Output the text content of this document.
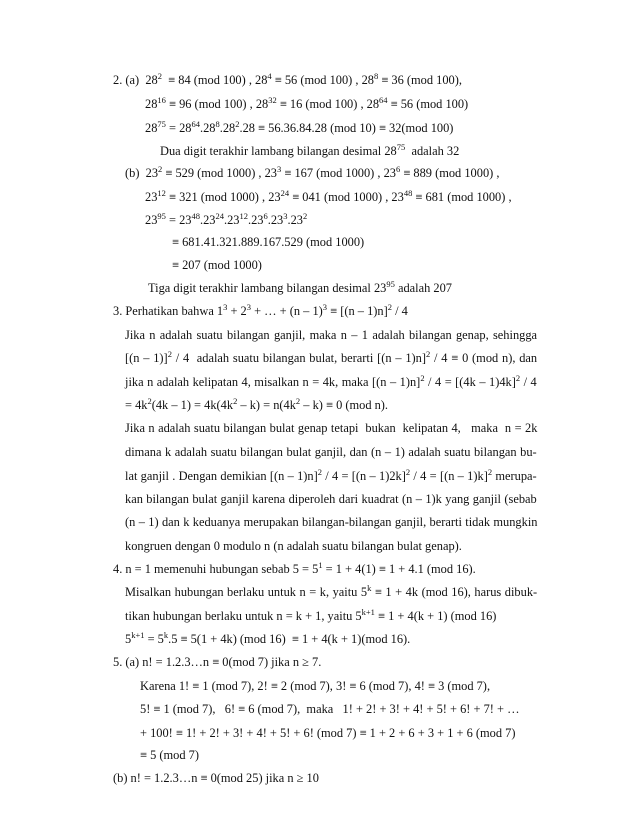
2. (a)  $28^2 \equiv 84$ (mod 100) , $28^4 \equiv 56$ (mod 100) , $28^8 \equiv 36$ (mod 100),
$28^{16} \equiv 96$ (mod 100) , $28^{32} \equiv 16$ (mod 100) , $28^{64} \equiv 56$ (mod 100)
$28^{75} = 28^{64}.28^8.28^2.28 \equiv 56.36.84.28$ (mod 10) ≡ 32(mod 100)
Dua digit terakhir lambang bilangan desimal $28^{75}$  adalah 32
(b)  $23^2 \equiv 529$ (mod 1000) , $23^3 \equiv 167$ (mod 1000) , $23^6 \equiv 889$ (mod 1000) ,
$23^{12} \equiv 321$ (mod 1000) , $23^{24} \equiv 041$ (mod 1000) , $23^{48} \equiv 681$ (mod 1000) ,
$23^{95} = 23^{48}.23^{24}.23^{12}.23^6.23^3.23^2$
≡ 681.41.321.889.167.529 (mod 1000)
≡ 207 (mod 1000)
Tiga digit terakhir lambang bilangan desimal $23^{95}$ adalah 207
3. Perhatikan bahwa $1^3 + 2^3$ + … + (n – 1)$^3$ ≡ [(n – 1)n]$^2$ / 4
Jika n adalah suatu bilangan ganjil, maka n – 1 adalah bilangan genap, sehingga
[(n – 1)]$^2$ / 4  adalah suatu bilangan bulat, berarti [(n – 1)n]$^2$ / 4 ≡ 0 (mod n), dan
jika n adalah kelipatan 4, misalkan n = 4k, maka [(n – 1)n]$^2$ / 4 = [(4k – 1)4k]$^2$ / 4
= $4k^2(4k - 1) = 4k(4k^2 - k) = n(4k^2 - k) \equiv 0$ (mod n).
Jika n adalah suatu bilangan bulat genap tetapi  bukan  kelipatan 4,   maka  n = 2k
dimana k adalah suatu bilangan bulat ganjil, dan (n – 1) adalah suatu bilangan bu-
lat ganjil . Dengan demikian [(n – 1)n]$^2$ / 4 = [(n – 1)2k]$^2$ / 4 = [(n – 1)k]$^2$ merupa-
kan bilangan bulat ganjil karena diperoleh dari kuadrat (n – 1)k yang ganjil (sebab
(n – 1) dan k keduanya merupakan bilangan-bilangan ganjil, berarti tidak mungkin
kongruen dengan 0 modulo n (n adalah suatu bilangan bulat genap).
4. n = 1 memenuhi hubungan sebab $5 = 5^1 = 1 + 4(1) \equiv 1 + 4.1$ (mod 16).
Misalkan hubungan berlaku untuk n = k, yaitu $5^k \equiv 1 + 4k$ (mod 16), harus dibuk-
tikan hubungan berlaku untuk n = k + 1, yaitu $5^{k+1} \equiv 1 + 4(k + 1)$ (mod 16)
$5^{k+1} = 5^k.5 \equiv 5(1 + 4k)$ (mod 16)  ≡ 1 + 4(k + 1)(mod 16).
5. (a) n! = 1.2.3…n ≡ 0(mod 7) jika n ≥ 7.
Karena 1! ≡ 1 (mod 7), 2! ≡ 2 (mod 7), 3! ≡ 6 (mod 7), 4! ≡ 3 (mod 7),
5! ≡ 1 (mod 7),   6! ≡ 6 (mod 7),  maka   1! + 2! + 3! + 4! + 5! + 6! + 7! + …
+ 100! ≡ 1! + 2! + 3! + 4! + 5! + 6! (mod 7) ≡ 1 + 2 + 6 + 3 + 1 + 6 (mod 7)
≡ 5 (mod 7)
(b) n! = 1.2.3…n ≡ 0(mod 25) jika n ≥ 10
